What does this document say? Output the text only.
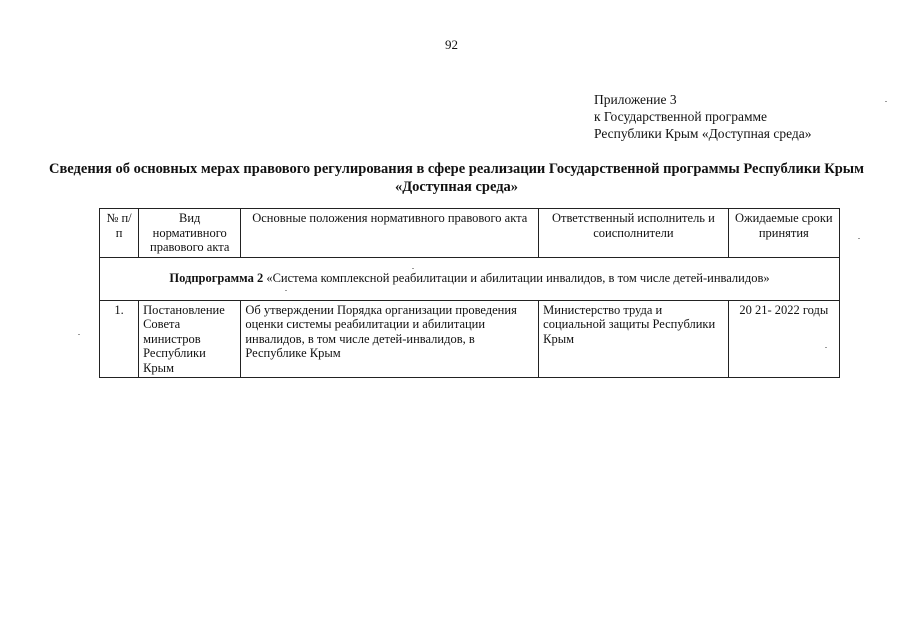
92
Приложение 3
к Государственной программе
Республики Крым «Доступная среда»
Сведения об основных мерах правового регулирования в сфере реализации Государственной программы Республики Крым «Доступная среда»
№ п/п	Вид нормативного правового акта	Основные положения нормативного правового акта	Ответственный исполнитель и соисполнители	Ожидаемые сроки принятия
Подпрограмма 2 «Система комплексной реабилитации и абилитации инвалидов, в том числе детей-инвалидов»				
1.	Постановление Совета министров Республики Крым	Об утверждении Порядка организации проведения оценки системы реабилитации и абилитации инвалидов, в том числе детей-инвалидов, в Республике Крым	Министерство труда и социальной защиты Республики Крым	20 21- 2022 годы
